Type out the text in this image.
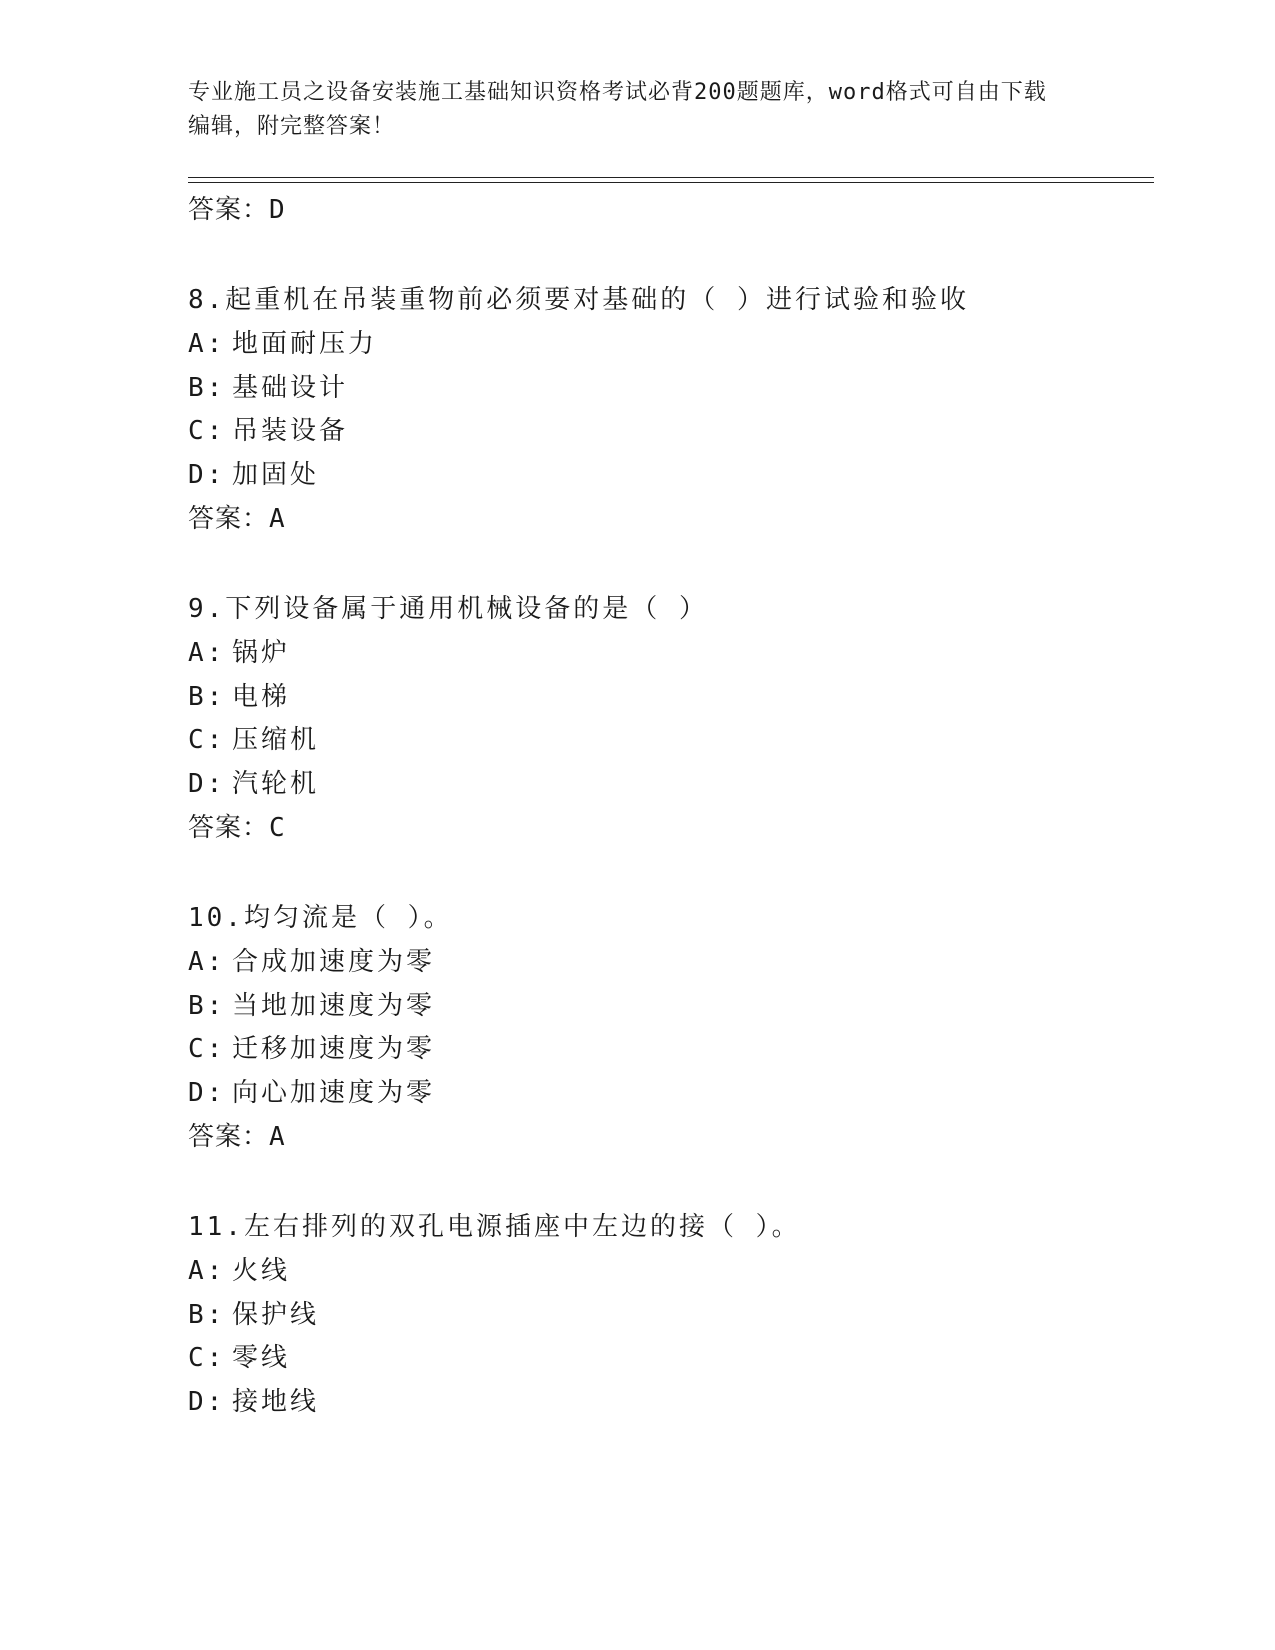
专业施工员之设备安装施工基础知识资格考试必背200题题库，word格式可自由下载编辑，附完整答案！
答案：D
8.起重机在吊装重物前必须要对基础的（ ）进行试验和验收
A: 地面耐压力
B: 基础设计
C: 吊装设备
D: 加固处
答案：A
9.下列设备属于通用机械设备的是（ ）
A: 锅炉
B: 电梯
C: 压缩机
D: 汽轮机
答案：C
10.均匀流是（ ）。
A: 合成加速度为零
B: 当地加速度为零
C: 迁移加速度为零
D: 向心加速度为零
答案：A
11.左右排列的双孔电源插座中左边的接（ ）。
A: 火线
B: 保护线
C: 零线
D: 接地线
